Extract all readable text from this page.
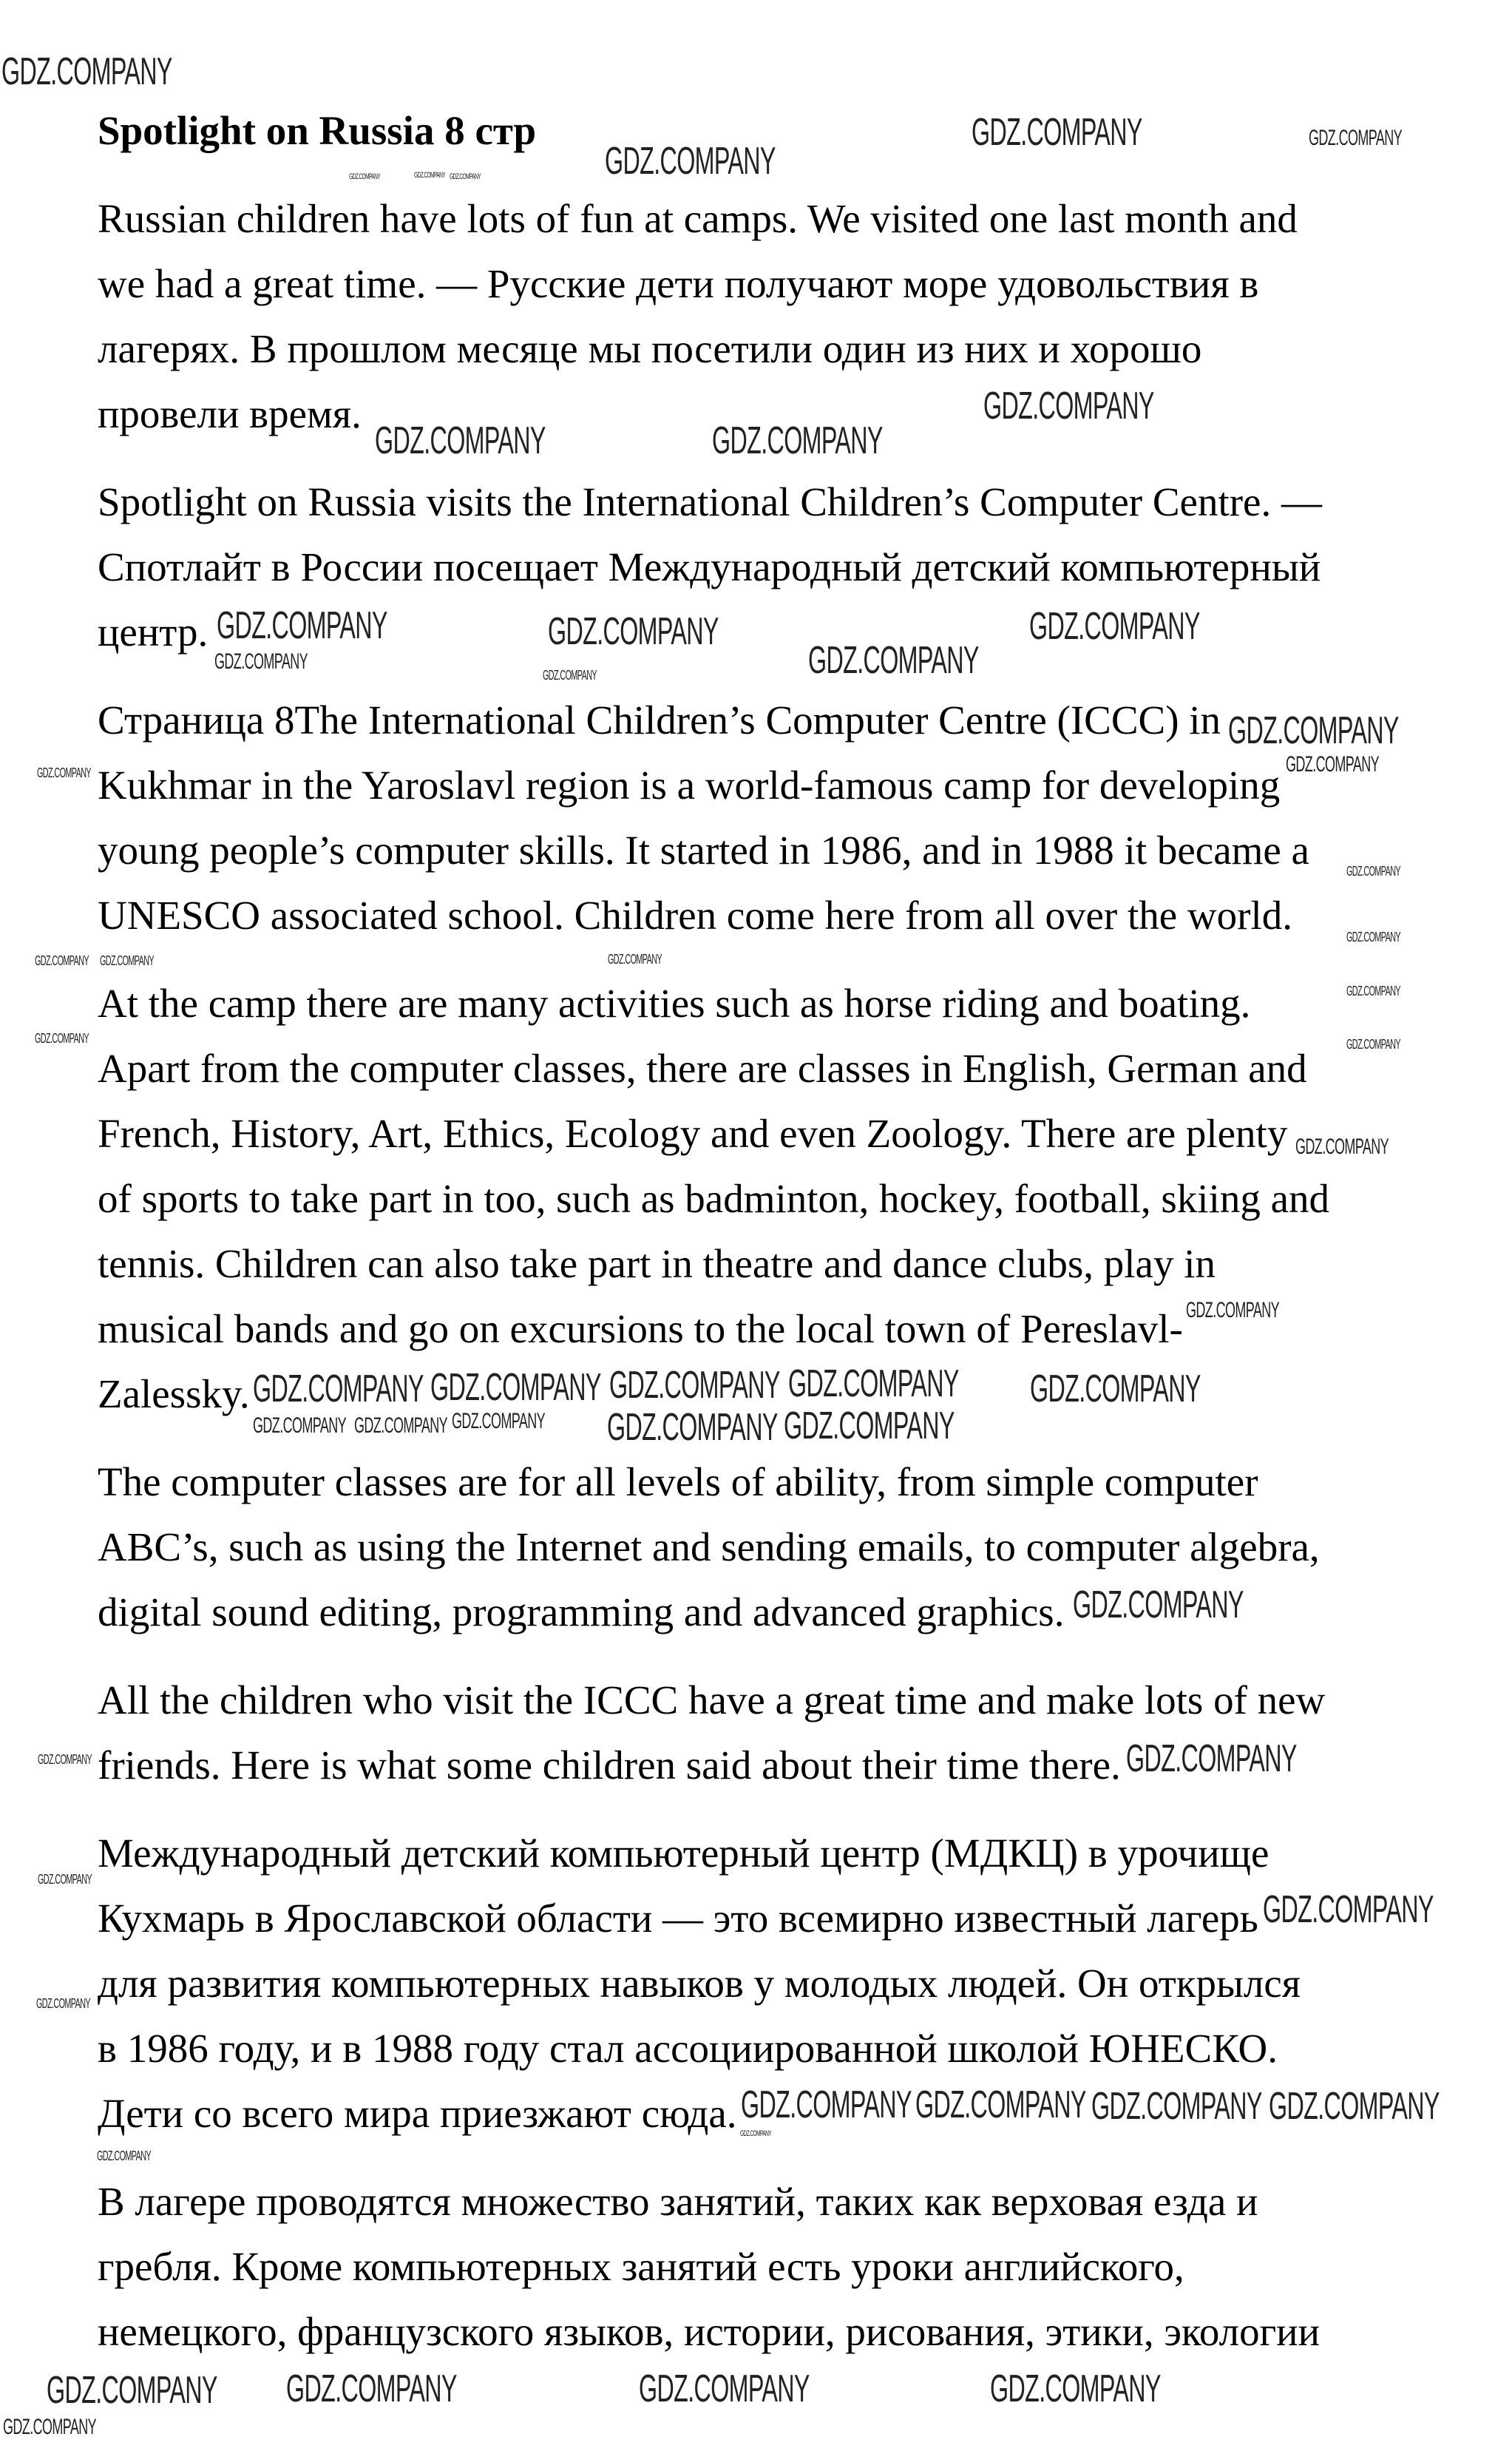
Spotlight on Russia 8 стр

Russian children have lots of fun at camps. We visited one last month and
we had a great time. — Русские дети получают море удовольствия в
лагерях. В прошлом месяце мы посетили один из них и хорошо
провели время.

Spotlight on Russia visits the International Children’s Computer Centre. —
Спотлайт в России посещает Международный детский компьютерный
центр.

Страница 8The International Children’s Computer Centre (ICCC) in
Kukhmar in the Yaroslavl region is a world-famous camp for developing
young people’s computer skills. It started in 1986, and in 1988 it became a
UNESCO associated school. Children come here from all over the world.

At the camp there are many activities such as horse riding and boating.
Apart from the computer classes, there are classes in English, German and
French, History, Art, Ethics, Ecology and even Zoology. There are plenty
of sports to take part in too, such as badminton, hockey, football, skiing and
tennis. Children can also take part in theatre and dance clubs, play in
musical bands and go on excursions to the local town of Pereslavl-
Zalessky.

The computer classes are for all levels of ability, from simple computer
ABC’s, such as using the Internet and sending emails, to computer algebra,
digital sound editing, programming and advanced graphics.

All the children who visit the ICCC have a great time and make lots of new
friends. Here is what some children said about their time there.

Международный детский компьютерный центр (МДКЦ) в урочище
Кухмарь в Ярославской области — это всемирно известный лагерь
для развития компьютерных навыков у молодых людей. Он открылся
в 1986 году, и в 1988 году стал ассоциированной школой ЮНЕСКО.
Дети со всего мира приезжают сюда.

В лагере проводятся множество занятий, таких как верховая езда и
гребля. Кроме компьютерных занятий есть уроки английского,
немецкого, французского языков, истории, рисования, этики, экологии

GDZ.COMPANY
GDZ.COMPANY
GDZ.COMPANY
GDZ.COMPANY
GDZ.COMPANY	GDZ.COMPANY
GDZ.COMPANY
GDZ.COMPANY	GDZ.COMPANY
GDZ.COMPANY
GDZ.COMPANY
GDZ.COMPANY
GDZ.COMPANY GDZ.COMPANY GDZ.COMPANY GDZ.COMPANY
GDZ.COMPANY
GDZ.COMPANY
GDZ.COMPANY
GDZ.COMPANY
GDZ.COMPANY GDZ.COMPANY
GDZ.COMPANY
GDZ.COMPANY
GDZ.COMPANY GDZ.COMPANY
GDZ.COMPANY	GDZ.COMPANY	GDZ.COMPANY
GDZ.COMPANY
GDZ.COMPANY
GDZ.COMPANY
GDZ.COMPANY
GDZ.COMPANY
GDZ.COMPANY GDZ.COMPANY GDZ.COMPANY
GDZ.COMPANY
GDZ.COMPANY
GDZ.COMPANY
GDZ.COMPANY
GDZ.COMPANY
GDZ.COMPANY
GDZ.COMPANY
GDZ.COMPANY
GDZ.COMPANY
GDZ.COMPANY
GDZ.COMPANY
GDZ.COMPANY
GDZ.COMPANY
GDZ.COMPANY
GDZ.COMPANY
GDZ.COMPANY GDZ.COMPANY
GDZ.COMPANY
GDZ.COMPANY
